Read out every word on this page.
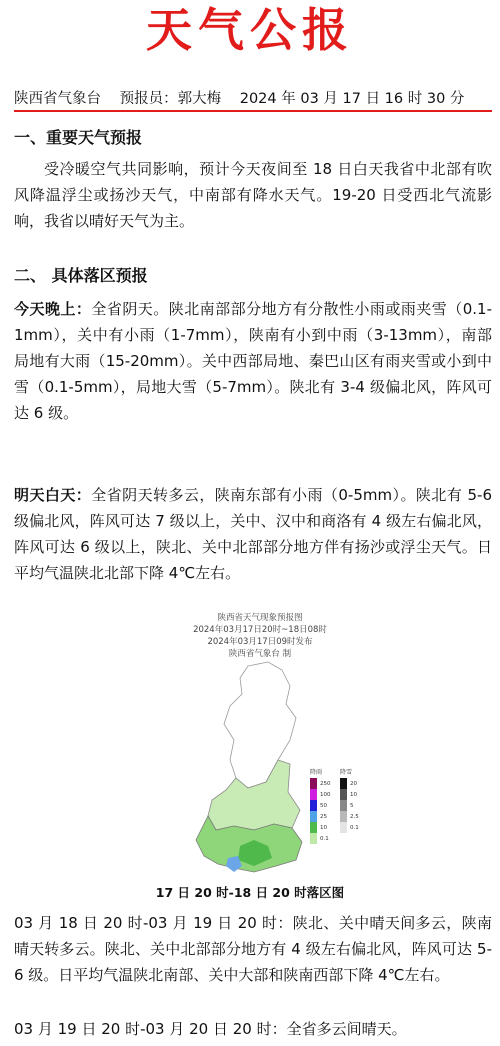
天气公报
陕西省气象台 预报员：郭大梅 2024 年 03 月 17 日 16 时 30 分
一、重要天气预报
受冷暖空气共同影响，预计今天夜间至 18 日白天我省中北部有吹风降温浮尘或扬沙天气，中南部有降水天气。19-20 日受西北气流影响，我省以晴好天气为主。
二、 具体落区预报
今天晚上：全省阴天。陕北南部部分地方有分散性小雨或雨夹雪（0.1-1mm），关中有小雨（1-7mm），陕南有小到中雨（3-13mm），南部局地有大雨（15-20mm）。关中西部局地、秦巴山区有雨夹雪或小到中雪（0.1-5mm），局地大雪（5-7mm）。陕北有 3-4 级偏北风，阵风可达 6 级。
明天白天：全省阴天转多云，陕南东部有小雨（0-5mm）。陕北有 5-6 级偏北风，阵风可达 7 级以上，关中、汉中和商洛有 4 级左右偏北风，阵风可达 6 级以上，陕北、关中北部部分地方伴有扬沙或浮尘天气。日平均气温陕北北部下降 4℃左右。
陕西省天气现象预报图
2024年03月17日20时~18日08时
2024年03月17日09时发布
陕西省气象台 制
降雨	降雪
250
100
50
25
10
0.1
20
10
5
2.5
0.1
17 日 20 时-18 日 20 时落区图
03 月 18 日 20 时-03 月 19 日 20 时：陕北、关中晴天间多云，陕南晴天转多云。陕北、关中北部部分地方有 4 级左右偏北风，阵风可达 5-6 级。日平均气温陕北南部、关中大部和陕南西部下降 4℃左右。
03 月 19 日 20 时-03 月 20 日 20 时：全省多云间晴天。
